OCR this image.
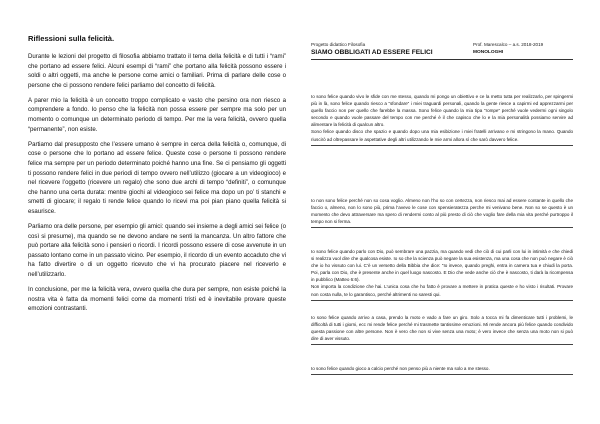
Riflessioni sulla felicità.

Durante le lezioni del progetto di filosofia abbiamo trattato il tema della felicità e di tutti i “rami” che portano ad essere felici. Alcuni esempi di “rami” che portano alla felicità possono essere i soldi o altri oggetti, ma anche le persone come amici o familiari. Prima di parlare delle cose o persone che ci possono rendere felici parliamo del concetto di felicità.

A parer mio la felicità è un concetto troppo complicato e vasto che persino ora non riesco a comprendere a fondo. Io penso che la felicità non possa essere per sempre ma solo per un momento o comunque un determinato periodo di tempo. Per me la vera felicità, ovvero quella “permanente”, non esiste.

Partiamo dal presupposto che l’essere umano è sempre in cerca della felicità o, comunque, di cose o persone che lo portano ad essere felice. Queste cose o persone ti possono rendere felice ma sempre per un periodo determinato poiché hanno una fine. Se ci pensiamo gli oggetti ti possono rendere felici in due periodi di tempo ovvero nell’utilizzo (giocare a un videogioco) e nel ricevere l’oggetto (ricevere un regalo) che sono due archi di tempo “definiti”, o comunque che hanno una certa durata: mentre giochi al videogioco sei felice ma dopo un po’ ti stanchi e smetti di giocare; il regalo ti rende felice quando lo ricevi ma poi pian piano quella felicità si esaurisce.

Parliamo ora delle persone, per esempio gli amici: quando sei insieme a degli amici sei felice (o così si presume), ma quando se ne devono andare ne senti la mancanza. Un altro fattore che può portare alla felicità sono i pensieri o ricordi. I ricordi possono essere di cose avvenute in un passato lontano come in un passato vicino. Per esempio, il ricordo di un evento accaduto che vi ha fatto divertire o di un oggetto ricevuto che vi ha procurato piacere nel riceverlo e nell’utilizzarlo.

In conclusione, per me la felicità vera, ovvero quella che dura per sempre, non esiste poiché la nostra vita è fatta da momenti felici come da momenti tristi ed è inevitabile provare queste emozioni contrastanti.

Progetto didattico Filosofia
SIAMO OBBLIGATI AD ESSERE FELICI
Prof. Marescalco – a.s. 2018-2019
MONOLOGHI

Io sono felice quando vivo le sfide con me stesso, quando mi pongo un obiettivo e ce la metto tutta per realizzarlo, per spingermi più in là, sono felice quando riesco a “sfondare” i miei traguardi personali, quando la gente riesce a capirmi ed apprezzarmi per quello faccio non per quello che farebbe la massa. Sono felice quando la mia tipa “rompe” perché vuole vedermi ogni singolo secondo e quando vuole passare del tempo con me perché è il che capisco che lo e la mia personalità possiamo servire ad alimentare la felicità di qualcun altro.
Sono felice quando disco che spazio e quando dopo una mia esibizione i miei fratelli arrivano e mi stringono la mano. Quando riuscirò ad oltrepassare le aspettative degli altri utilizzando le mie armi allora sì che sarò davvero felice.

Io non sono felice perché non so cosa voglio. Almeno non l’ho so con certezza, non riesco mai ad essere contante in quello che faccio o, almeno, non lo sono più, prima l’avevo le cose con spensieratezza perche mi venivano bene. Non so se questo è un momento che devo attraversare ma spero di rendermi conto al più presto di ciò che voglio fare della mia vita perché purtroppo il tempo non si ferma.

Io sono felice quando parlo con Dio, può sembrare una pazzia, ma quando vedi che ciò di cui parli con lui in intimità e che chiedi si realizza vuol dire che qualcosa esiste. Io so che la scienza può negare la sua esistenza, ma una cosa che non può negare è ciò che io ho vissuto con lui. C’è un versetto della Bibbia che dice: “Io invece, quando preghi, entra in camera tua e chiudi la porta. Poi, parla con Dio, che è presente anche in quel luogo nascosto. E Dio che vede anche ciò che è nascosto, ti darà la ricompensa in pubblico (Matteo 6:6).
Non importa la condizione che hai. L’unica cosa che ho fatto è provare a mettere in pratica queste e ho visto i risultati. Provare non costa nulla, te lo garantisco, perché altrimenti no saresti qui.

Io sono felice quando arrivo a casa, prendo la moto e vado a fare un giro. Solo a tocca mi fa dimenticare tutti i problemi, le difficoltà di tutti i giorni, ecc mi rende felice perché mi trasmette tantissime emozioni. Mi rende ancora più felice quando condivido questa passione con altre persone. Non è vero che non si vive senza una moto; è vero invece che senza una moto non si può dire di aver vissuto.

Io sono felice quando gioco a calcio perché non penso più a niente ma solo a me stesso.
